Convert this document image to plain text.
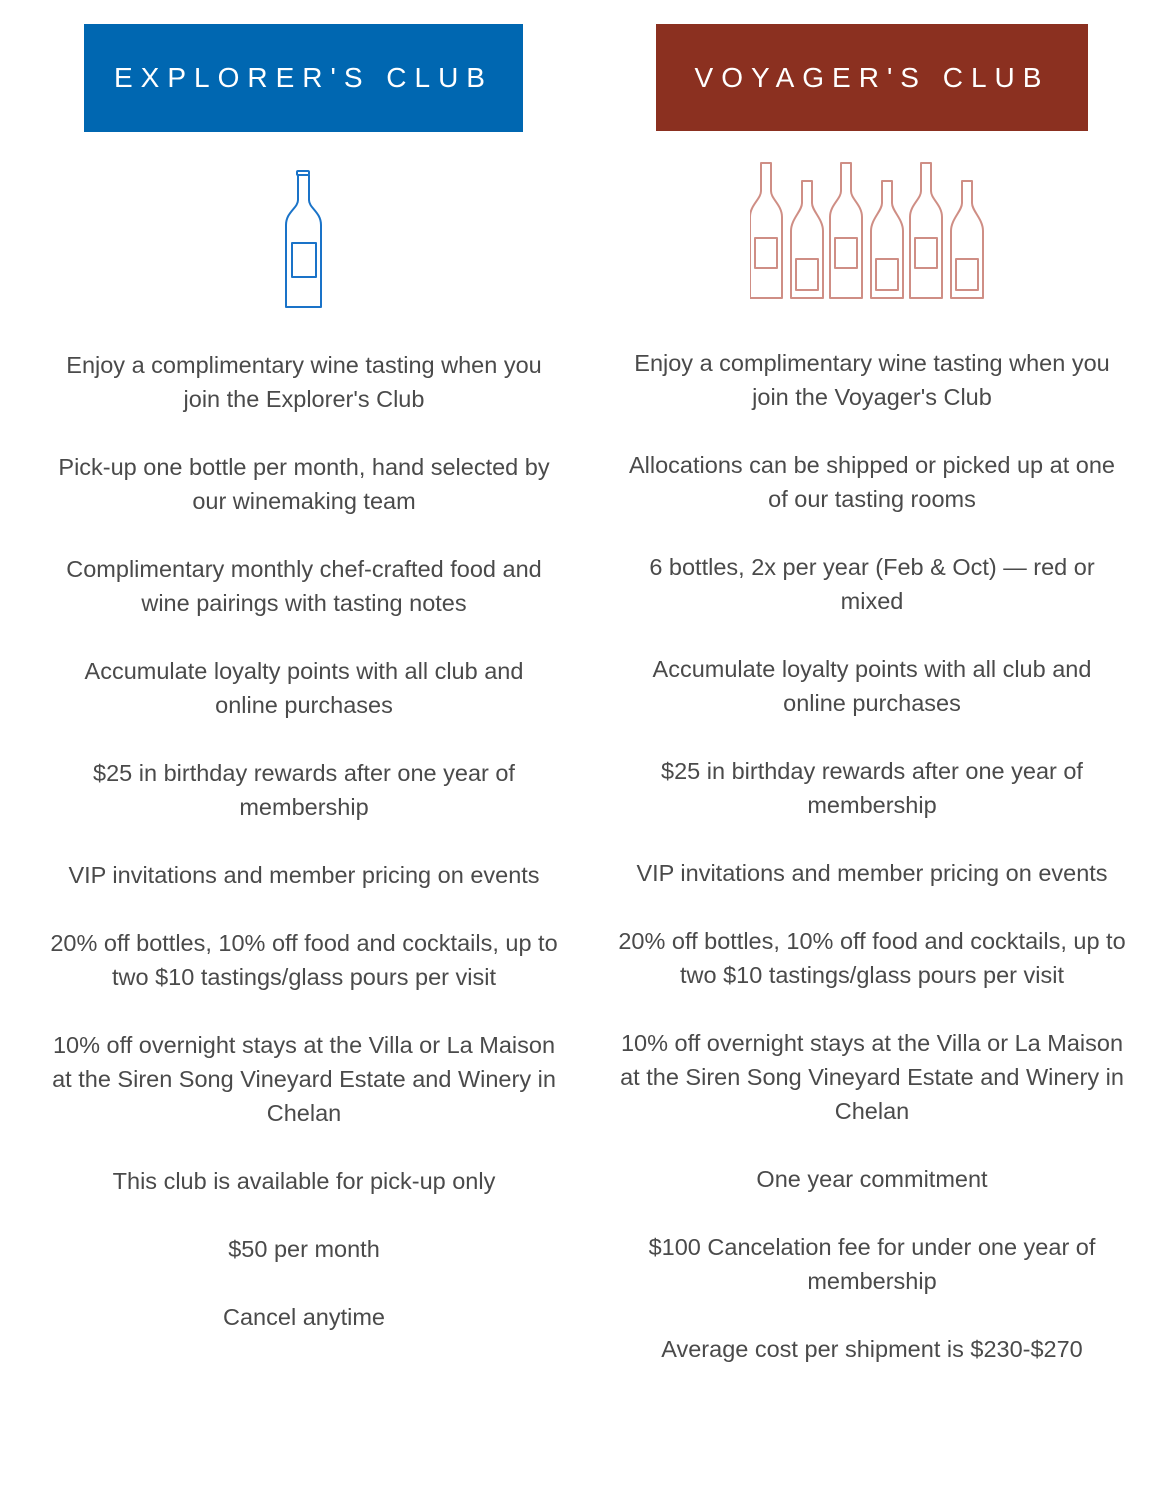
EXPLORER'S CLUB
Enjoy a complimentary wine tasting when you join the Explorer's Club
Pick-up one bottle per month, hand selected by our winemaking team
Complimentary monthly chef-crafted food and wine pairings with tasting notes
Accumulate loyalty points with all club and online purchases
$25 in birthday rewards after one year of membership
VIP invitations and member pricing on events
20% off bottles, 10% off food and cocktails, up to two $10 tastings/glass pours per visit
10% off overnight stays at the Villa or La Maison at the Siren Song Vineyard Estate and Winery in Chelan
This club is available for pick-up only
$50 per month
Cancel anytime
VOYAGER'S CLUB
Enjoy a complimentary wine tasting when you join the Voyager's Club
Allocations can be shipped or picked up at one of our tasting rooms
6 bottles, 2x per year (Feb & Oct) — red or mixed
Accumulate loyalty points with all club and online purchases
$25 in birthday rewards after one year of membership
VIP invitations and member pricing on events
20% off bottles, 10% off food and cocktails, up to two $10 tastings/glass pours per visit
10% off overnight stays at the Villa or La Maison at the Siren Song Vineyard Estate and Winery in Chelan
One year commitment
$100 Cancelation fee for under one year of membership
Average cost per shipment is $230-$270
